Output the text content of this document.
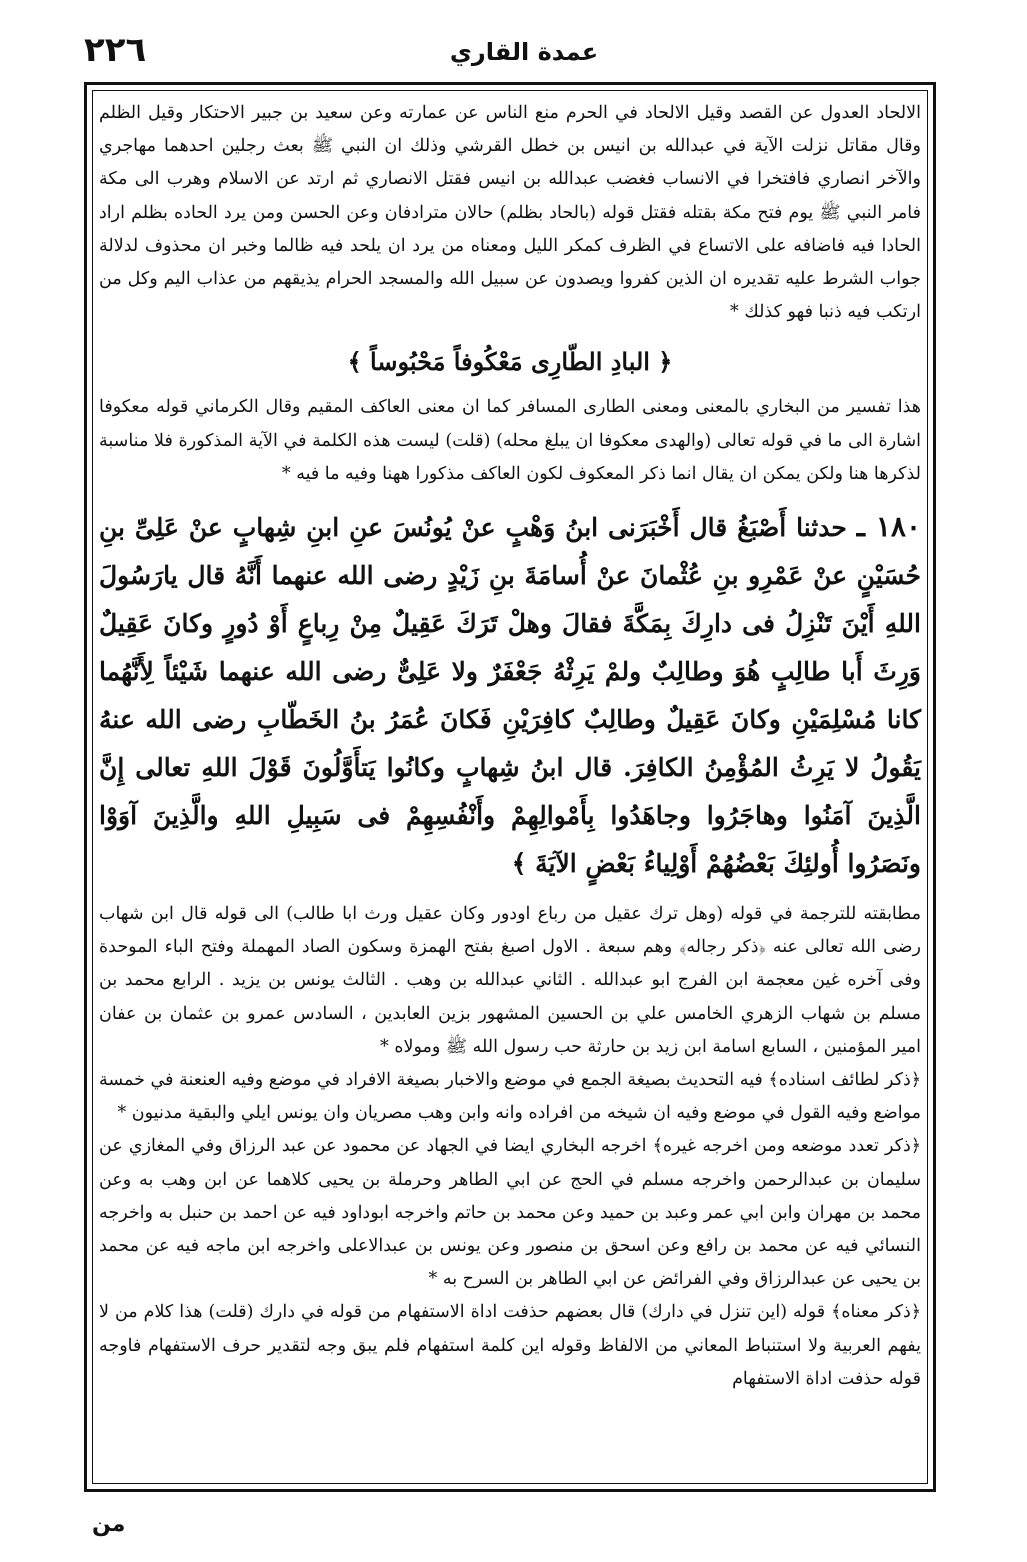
٢٢٦	عمدة القاري

الالحاد العدول عن القصد وقيل الالحاد في الحرم منع الناس عن عمارته وعن سعيد بن جبير الاحتكار وقيل الظلم وقال مقاتل نزلت الآية في عبدالله بن انيس بن خطل القرشي وذلك ان النبي ﷺ بعث رجلين احدهما مهاجري والآخر انصاري فافتخرا في الانساب فغضب عبدالله بن انيس فقتل الانصاري ثم ارتد عن الاسلام وهرب الى مكة فامر النبي ﷺ يوم فتح مكة بقتله فقتل قوله (بالحاد بظلم) حالان مترادفان وعن الحسن ومن يرد الحاده بظلم اراد الحادا فيه فاضافه على الاتساع في الظرف كمكر الليل ومعناه من يرد ان يلحد فيه ظالما وخبر ان محذوف لدلالة جواب الشرط عليه تقديره ان الذين كفروا ويصدون عن سبيل الله والمسجد الحرام يذيقهم من عذاب اليم وكل من ارتكب فيه ذنبا فهو كذلك *

﴿ البادِ الطّارِى مَعْكُوفاً مَحْبُوساً ﴾

هذا تفسير من البخاري بالمعنى ومعنى الطارى المسافر كما ان معنى العاكف المقيم وقال الكرماني قوله معكوفا اشارة الى ما في قوله تعالى (والهدى معكوفا ان يبلغ محله) (قلت) ليست هذه الكلمة في الآية المذكورة فلا مناسبة لذكرها هنا ولكن يمكن ان يقال انما ذكر المعكوف لكون العاكف مذكورا ههنا وفيه ما فيه *

١٨٠ ـ حدثنا أَصْبَغُ قال أَخْبَرَنى ابنُ وَهْبٍ عنْ يُونُسَ عنِ ابنِ شِهابٍ عنْ عَلِىِّ بنِ حُسَيْنٍ عنْ عَمْرِو بنِ عُثْمانَ عنْ أُسامَةَ بنِ زَيْدٍ رضى الله عنهما أَنَّهُ قال يارَسُولَ اللهِ أَيْنَ تَنْزِلُ فى دارِكَ بِمَكَّةَ فقالَ وهلْ تَرَكَ عَقِيلٌ مِنْ رِباعٍ أَوْ دُورٍ وكانَ عَقِيلٌ وَرِثَ أَبا طالِبٍ هُوَ وطالِبٌ ولمْ يَرِثْهُ جَعْفَرٌ ولا عَلِىٌّ رضى الله عنهما شَيْئاً لِأَنَّهُما كانا مُسْلِمَيْنِ وكانَ عَقِيلٌ وطالِبٌ كافِرَيْنِ فَكانَ عُمَرُ بنُ الخَطّابِ رضى الله عنهُ يَقُولُ لا يَرِثُ المُؤْمِنُ الكافِرَ. قال ابنُ شِهابٍ وكانُوا يَتأَوَّلُونَ قَوْلَ اللهِ تعالى إِنَّ الَّذِينَ آمَنُوا وهاجَرُوا وجاهَدُوا بِأَمْوالِهِمْ وأَنْفُسِهِمْ فى سَبِيلِ اللهِ والَّذِينَ آوَوْا ونَصَرُوا أُولئِكَ بَعْضُهُمْ أَوْلِياءُ بَعْضٍ الآيَةَ ﴾

مطابقته للترجمة في قوله (وهل ترك عقيل من رباع اودور وكان عقيل ورث ابا طالب) الى قوله قال ابن شهاب رضى الله تعالى عنه ﴿ذكر رجاله﴾ وهم سبعة . الاول اصبغ بفتح الهمزة وسكون الصاد المهملة وفتح الباء الموحدة وفى آخره غين معجمة ابن الفرج ابو عبدالله . الثاني عبدالله بن وهب . الثالث يونس بن يزيد . الرابع محمد بن مسلم بن شهاب الزهري الخامس علي بن الحسين المشهور بزين العابدين ، السادس عمرو بن عثمان بن عفان امير المؤمنين ، السابع اسامة ابن زيد بن حارثة حب رسول الله ﷺ ومولاه *

﴿ذكر لطائف اسناده﴾ فيه التحديث بصيغة الجمع في موضع والاخبار بصيغة الافراد في موضع وفيه العنعنة في خمسة مواضع وفيه القول في موضع وفيه ان شيخه من افراده وانه وابن وهب مصريان وان يونس ايلي والبقية مدنيون *

﴿ذكر تعدد موضعه ومن اخرجه غيره﴾ اخرجه البخاري ايضا في الجهاد عن محمود عن عبد الرزاق وفي المغازي عن سليمان بن عبدالرحمن واخرجه مسلم في الحج عن ابي الطاهر وحرملة بن يحيى كلاهما عن ابن وهب به وعن محمد بن مهران وابن ابي عمر وعبد بن حميد وعن محمد بن حاتم واخرجه ابوداود فيه عن احمد بن حنبل به واخرجه النسائي فيه عن محمد بن رافع وعن اسحق بن منصور وعن يونس بن عبدالاعلى واخرجه ابن ماجه فيه عن محمد بن يحيى عن عبدالرزاق وفي الفرائض عن ابي الطاهر بن السرح به *

﴿ذكر معناه﴾ قوله (اين تنزل في دارك) قال بعضهم حذفت اداة الاستفهام من قوله في دارك (قلت) هذا كلام من لا يفهم العربية ولا استنباط المعاني من الالفاظ وقوله اين كلمة استفهام فلم يبق وجه لتقدير حرف الاستفهام فاوجه قوله حذفت اداة الاستفهام

من
